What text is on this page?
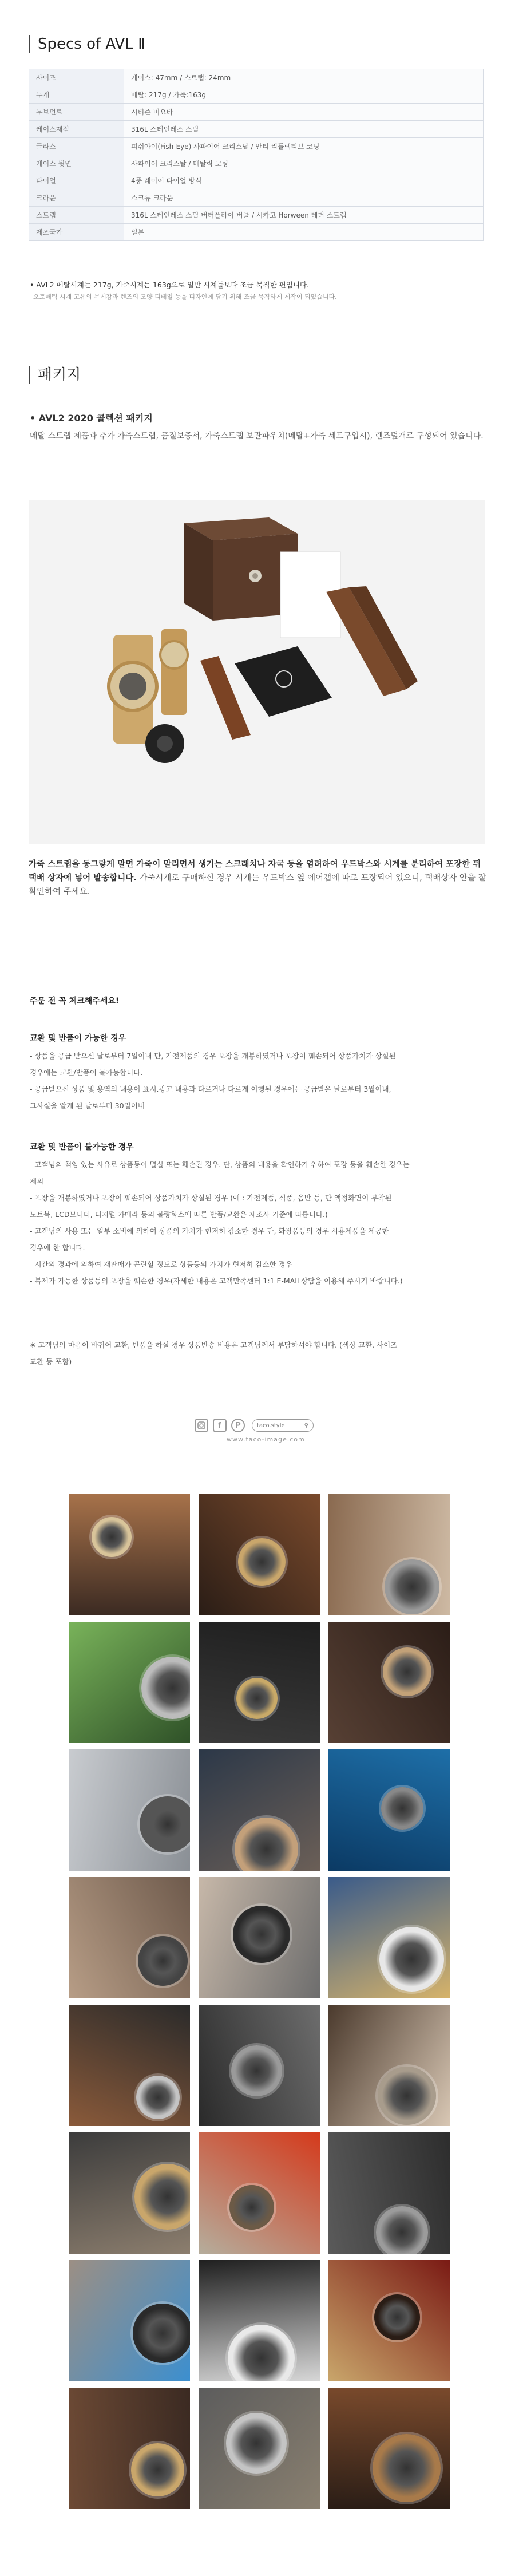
Specs of AVL Ⅱ
사이즈	케이스: 47mm / 스트랩: 24mm
무게	메탈: 217g / 가죽:163g
무브먼트	시티즌 미요타
케이스재질	316L 스테인레스 스틸
글라스	피쉬아이(Fish-Eye) 사파이어 크리스탈 / 안티 리플렉티브 코팅
케이스 뒷면	사파이어 크리스탈 / 메탈릭 코팅
다이얼	4중 레이어 다이얼 방식
크라운	스크류 크라운
스트랩	316L 스테인레스 스틸 버터플라이 버클 / 시카고 Horween 레더 스트랩
제조국가	일본
• AVL2 메탈시계는 217g, 가죽시계는 163g으로 일반 시계들보다 조금 묵직한 편입니다.
오토매틱 시계 고유의 무게감과 렌즈의 모양 디테일 등을 디자인에 담기 위해 조금 묵직하게 제작이 되었습니다.
패키지
• AVL2 2020 콜렉션 패키지
메탈 스트랩 제품과 추가 가죽스트랩, 품질보증서, 가죽스트랩 보관파우치(메탈+가죽 세트구입시), 렌즈덮개로 구성되어 있습니다.
가죽 스트랩을 동그랗게 말면 가죽이 말리면서 생기는 스크래치나 자국 등을 염려하여 우드박스와 시계를 분리하여 포장한 뒤 택배 상자에 넣어 발송합니다. 가죽시계로 구매하신 경우 시계는 우드박스 옆 에어캡에 따로 포장되어 있으니, 택배상자 안을 잘 확인하여 주세요.
주문 전 꼭 체크해주세요!
교환 및 반품이 가능한 경우

- 상품을 공급 받으신 날로부터 7일이내 단, 가전제품의 경우 포장을 개봉하였거나 포장이 훼손되어 상품가치가 상실된

경우에는 교환/반품이 불가능합니다.

- 공급받으신 상품 및 용역의 내용이 표시.광고 내용과 다르거나 다르게 이행된 경우에는 공급받은 날로부터 3월이내,

그사실을 알게 된 날로부터 30일이내

교환 및 반품이 불가능한 경우

- 고객님의 책임 있는 사유로 상품등이 멸실 또는 훼손된 경우. 단, 상품의 내용을 확인하기 위하여 포장 등을 훼손한 경우는

제외

- 포장을 개봉하였거나 포장이 훼손되어 상품가치가 상실된 경우 (예 : 가전제품, 식품, 음반 등, 단 액정화면이 부착된

노트북, LCD모니터, 디지털 카메라 등의 불량화소에 따른 반품/교환은 제조사 기준에 따릅니다.)

- 고객님의 사용 또는 일부 소비에 의하여 상품의 가치가 현저히 감소한 경우 단, 화장품등의 경우 시용제품을 제공한

경우에 한 합니다.

- 시간의 경과에 의하여 재판매가 곤란할 정도로 상품등의 가치가 현저히 감소한 경우

- 복제가 가능한 상품등의 포장을 훼손한 경우(자세한 내용은 고객만족센터 1:1 E-MAIL상담을 이용해 주시기 바랍니다.)

※ 고객님의 마음이 바뀌어 교환, 반품을 하실 경우 상품반송 비용은 고객님께서 부담하셔야 합니다. (색상 교환, 사이즈

교환 등 포함)

f	P	taco.style	⚲
www.taco-image.com
